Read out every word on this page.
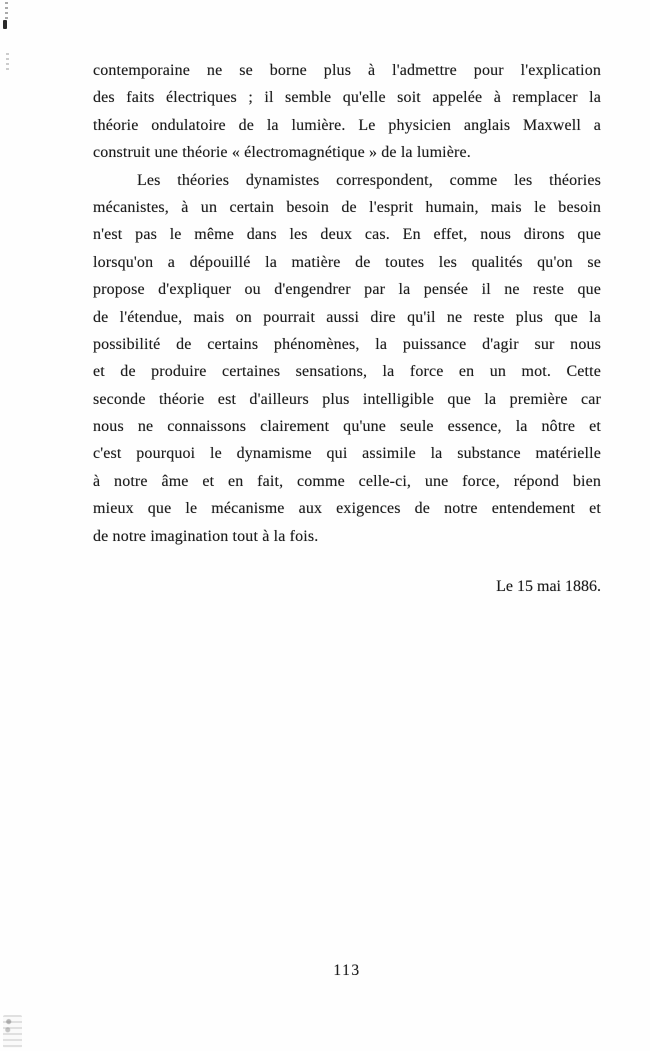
contemporaine ne se borne plus à l'admettre pour l'explication
des faits électriques ; il semble qu'elle soit appelée à remplacer la
théorie ondulatoire de la lumière. Le physicien anglais Maxwell a
construit une théorie « électromagnétique » de la lumière.
Les théories dynamistes correspondent, comme les théories
mécanistes, à un certain besoin de l'esprit humain, mais le besoin
n'est pas le même dans les deux cas. En effet, nous dirons que
lorsqu'on a dépouillé la matière de toutes les qualités qu'on se
propose d'expliquer ou d'engendrer par la pensée il ne reste que
de l'étendue, mais on pourrait aussi dire qu'il ne reste plus que la
possibilité de certains phénomènes, la puissance d'agir sur nous
et de produire certaines sensations, la force en un mot. Cette
seconde théorie est d'ailleurs plus intelligible que la première car
nous ne connaissons clairement qu'une seule essence, la nôtre et
c'est pourquoi le dynamisme qui assimile la substance matérielle
à notre âme et en fait, comme celle-ci, une force, répond bien
mieux que le mécanisme aux exigences de notre entendement et
de notre imagination tout à la fois.
Le 15 mai 1886.
113
